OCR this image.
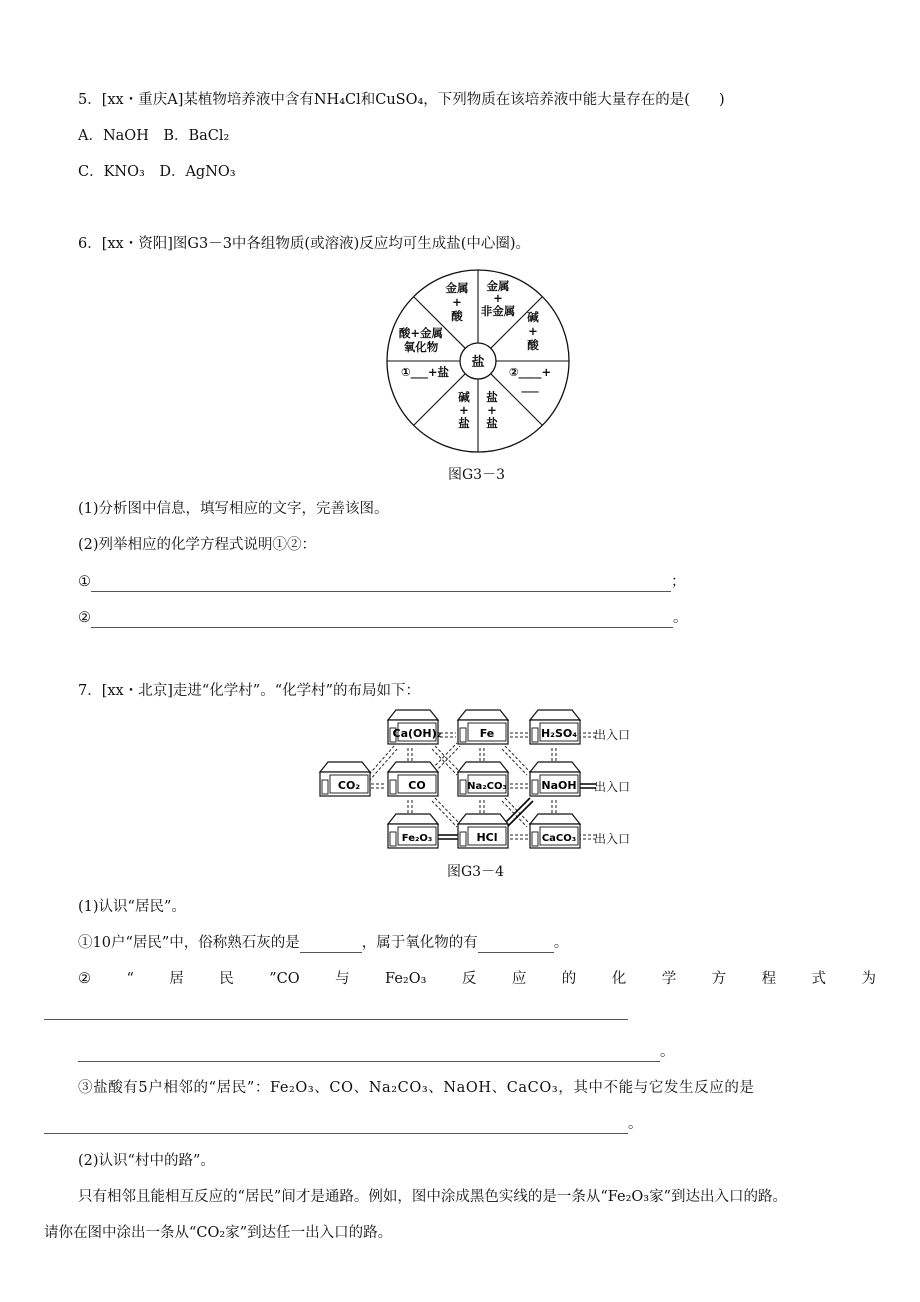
5．[xx・重庆A]某植物培养液中含有NH₄Cl和CuSO₄，下列物质在该培养液中能大量存在的是(　　)
A．NaOH　B．BaCl₂
C．KNO₃　D．AgNO₃
6．[xx・资阳]图G3－3中各组物质(或溶液)反应均可生成盐(中心圈)。
盐
金属
+
酸
金属
+
非金属 碱
+
酸
②____+
___
盐
+
盐
碱
+
盐
①___+盐
酸+金属
氧化物
图G3－3
(1)分析图中信息，填写相应的文字，完善该图。
(2)列举相应的化学方程式说明①②：
①	；
②	。
7．[xx・北京]走进“化学村”。“化学村”的布局如下：
Ca(OH)₂	Fe	H₂SO₄
CO₂	CO	Na₂CO₃	NaOH
Fe₂O₃	HCl	CaCO₃
出入口
出入口
出入口
图G3－4
(1)认识“居民”。
①10户“居民”中，俗称熟石灰的是	，属于氧化物的有	。
② “ 居 民 ”CO 与 Fe₂O₃ 反 应 的 化 学 方 程 式 为
。
③盐酸有5户相邻的“居民”：Fe₂O₃、CO、Na₂CO₃、NaOH、CaCO₃，其中不能与它发生反应的是
。
(2)认识“村中的路”。
只有相邻且能相互反应的“居民”间才是通路。例如，图中涂成黑色实线的是一条从“Fe₂O₃家”到达出入口的路。
请你在图中涂出一条从“CO₂家”到达任一出入口的路。
